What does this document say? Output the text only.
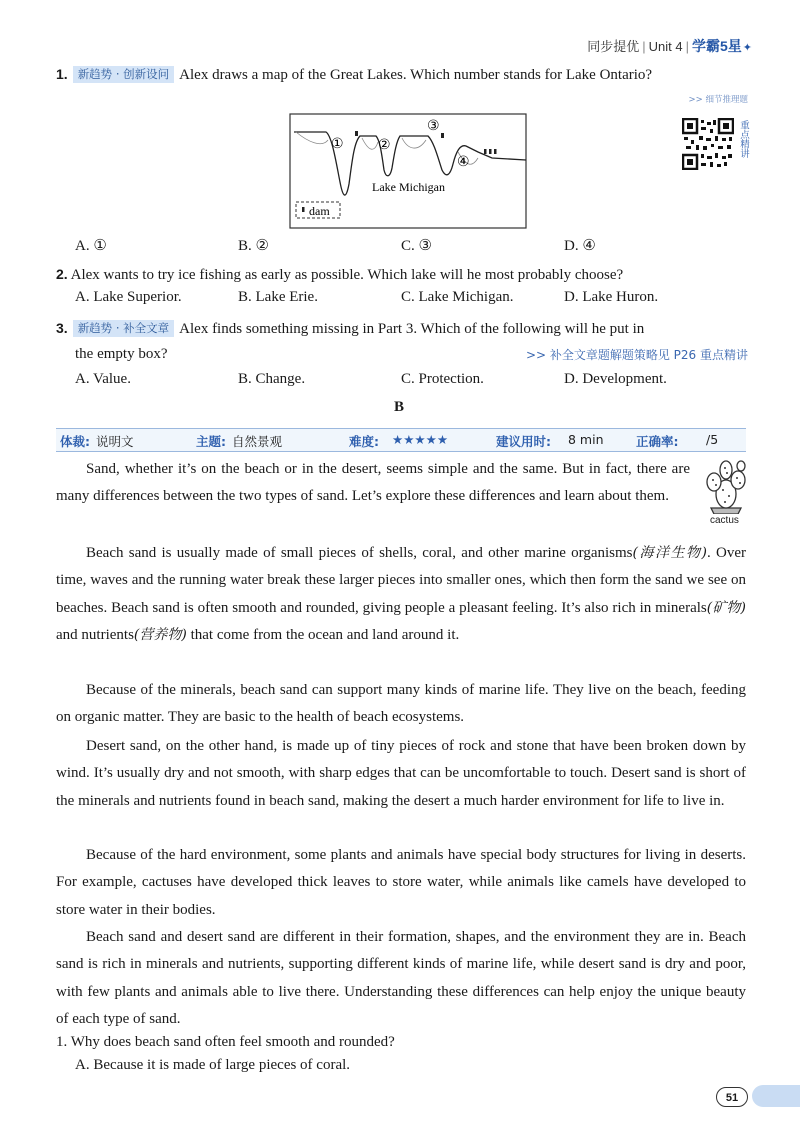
同步提优 | Unit 4 | 学霸5星✦
1. 新趋势 · 创新设问 Alex draws a map of the Great Lakes. Which number stands for Lake Ontario?
>> 细节推理题
① ②
③
④
Lake Michigan
dam
重点精讲
A. ①	B. ②	C. ③	D. ④
2. Alex wants to try ice fishing as early as possible. Which lake will he most probably choose?
A. Lake Superior.	B. Lake Erie.	C. Lake Michigan.	D. Lake Huron.
3. 新趋势 · 补全文章 Alex finds something missing in Part 3. Which of the following will he put in
the empty box?	>> 补全文章题解题策略见 P26 重点精讲
A. Value.	B. Change.	C. Protection.	D. Development.
B
体裁: 说明文	主题: 自然景观	难度: ★★★★★	建议用时: 8 min	正确率: /5
cactus

Sand, whether it’s on the beach or in the desert, seems simple and the same. But in fact, there are many differences between the two types of sand. Let’s explore these differences and learn about them.

Beach sand is usually made of small pieces of shells, coral, and other marine organisms(海洋生物). Over time, waves and the running water break these larger pieces into smaller ones, which then form the sand we see on beaches. Beach sand is often smooth and rounded, giving people a pleasant feeling. It’s also rich in minerals(矿物) and nutrients(营养物) that come from the ocean and land around it.

Because of the minerals, beach sand can support many kinds of marine life. They live on the beach, feeding on organic matter. They are basic to the health of beach ecosystems.

Desert sand, on the other hand, is made up of tiny pieces of rock and stone that have been broken down by wind. It’s usually dry and not smooth, with sharp edges that can be uncomfortable to touch. Desert sand is short of the minerals and nutrients found in beach sand, making the desert a much harder environment for life to live in.

Because of the hard environment, some plants and animals have special body structures for living in deserts. For example, cactuses have developed thick leaves to store water, while animals like camels have developed to store water in their bodies.

Beach sand and desert sand are different in their formation, shapes, and the environment they are in. Beach sand is rich in minerals and nutrients, supporting different kinds of marine life, while desert sand is dry and poor, with few plants and animals able to live there. Understanding these differences can help enjoy the unique beauty of each type of sand.

1. Why does beach sand often feel smooth and rounded?
A. Because it is made of large pieces of coral.
51
